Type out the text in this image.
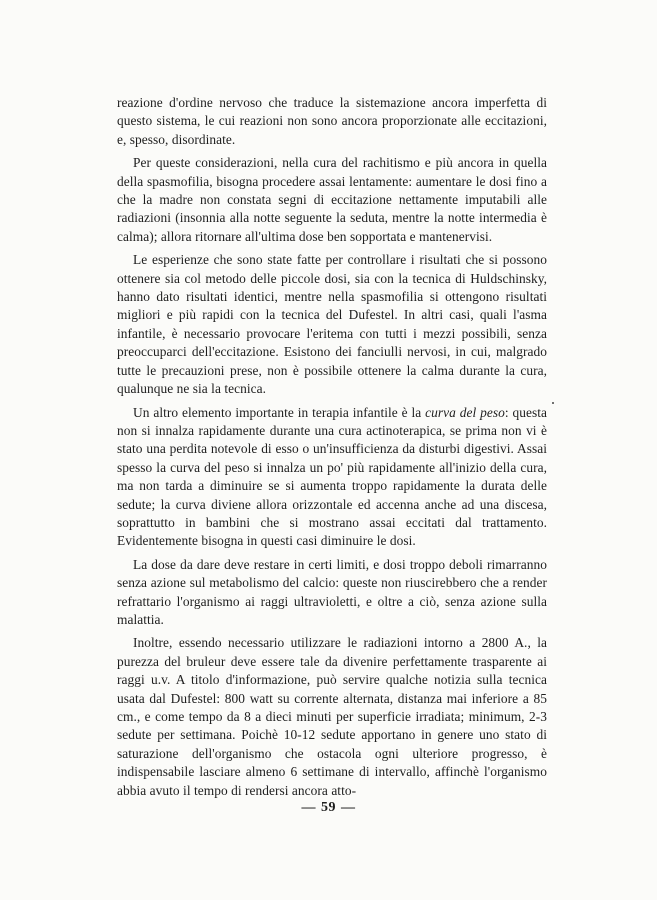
reazione d'ordine nervoso che traduce la sistemazione ancora imperfetta di questo sistema, le cui reazioni non sono ancora proporzionate alle eccitazioni, e, spesso, disordinate.

Per queste considerazioni, nella cura del rachitismo e più ancora in quella della spasmofilia, bisogna procedere assai lentamente: aumentare le dosi fino a che la madre non constata segni di eccitazione nettamente imputabili alle radiazioni (insonnia alla notte seguente la seduta, mentre la notte intermedia è calma); allora ritornare all'ultima dose ben sopportata e mantenervisi.

Le esperienze che sono state fatte per controllare i risultati che si possono ottenere sia col metodo delle piccole dosi, sia con la tecnica di Huldschinsky, hanno dato risultati identici, mentre nella spasmofilia si ottengono risultati migliori e più rapidi con la tecnica del Dufestel. In altri casi, quali l'asma infantile, è necessario provocare l'eritema con tutti i mezzi possibili, senza preoccuparci dell'eccitazione. Esistono dei fanciulli nervosi, in cui, malgrado tutte le precauzioni prese, non è possibile ottenere la calma durante la cura, qualunque ne sia la tecnica.

Un altro elemento importante in terapia infantile è la curva del peso: questa non si innalza rapidamente durante una cura actinoterapica, se prima non vi è stato una perdita notevole di esso o un'insufficienza da disturbi digestivi. Assai spesso la curva del peso si innalza un po' più rapidamente all'inizio della cura, ma non tarda a diminuire se si aumenta troppo rapidamente la durata delle sedute; la curva diviene allora orizzontale ed accenna anche ad una discesa, soprattutto in bambini che si mostrano assai eccitati dal trattamento. Evidentemente bisogna in questi casi diminuire le dosi.

La dose da dare deve restare in certi limiti, e dosi troppo deboli rimarranno senza azione sul metabolismo del calcio: queste non riuscirebbero che a render refrattario l'organismo ai raggi ultravioletti, e oltre a ciò, senza azione sulla malattia.

Inoltre, essendo necessario utilizzare le radiazioni intorno a 2800 A., la purezza del bruleur deve essere tale da divenire perfettamente trasparente ai raggi u.v. A titolo d'informazione, può servire qualche notizia sulla tecnica usata dal Dufestel: 800 watt su corrente alternata, distanza mai inferiore a 85 cm., e come tempo da 8 a dieci minuti per superficie irradiata; minimum, 2-3 sedute per settimana. Poichè 10-12 sedute apportano in genere uno stato di saturazione dell'organismo che ostacola ogni ulteriore progresso, è indispensabile lasciare almeno 6 settimane di intervallo, affinchè l'organismo abbia avuto il tempo di rendersi ancora atto-

— 59 —
